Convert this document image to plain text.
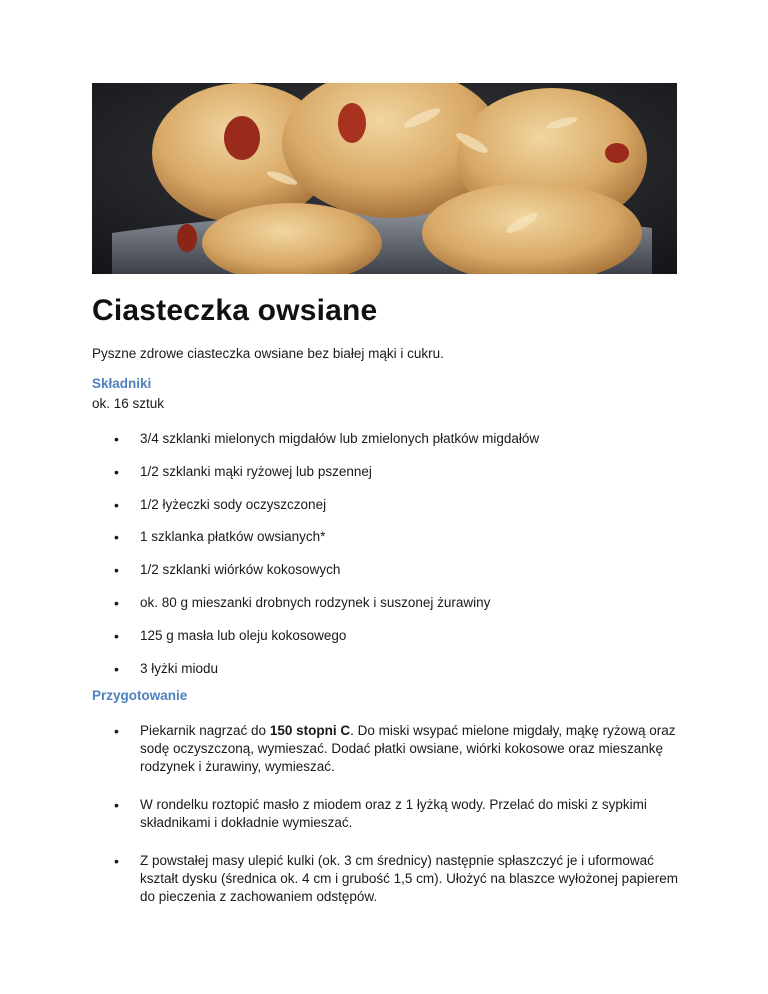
Ciasteczka owsiane

Pyszne zdrowe ciasteczka owsiane bez białej mąki i cukru.

Składniki

ok. 16 sztuk

• 3/4 szklanki mielonych migdałów lub zmielonych płatków migdałów
• 1/2 szklanki mąki ryżowej lub pszennej
• 1/2 łyżeczki sody oczyszczonej
• 1 szklanka płatków owsianych*
• 1/2 szklanki wiórków kokosowych
• ok. 80 g mieszanki drobnych rodzynek i suszonej żurawiny
• 125 g masła lub oleju kokosowego
• 3 łyżki miodu

Przygotowanie

• Piekarnik nagrzać do 150 stopni C. Do miski wsypać mielone migdały, mąkę ryżową oraz sodę oczyszczoną, wymieszać. Dodać płatki owsiane, wiórki kokosowe oraz mieszankę rodzynek i żurawiny, wymieszać.
• W rondelku roztopić masło z miodem oraz z 1 łyżką wody. Przelać do miski z sypkimi składnikami i dokładnie wymieszać.
• Z powstałej masy ulepić kulki (ok. 3 cm średnicy) następnie spłaszczyć je i uformować kształt dysku (średnica ok. 4 cm i grubość 1,5 cm). Ułożyć na blaszce wyłożonej papierem do pieczenia z zachowaniem odstępów.
